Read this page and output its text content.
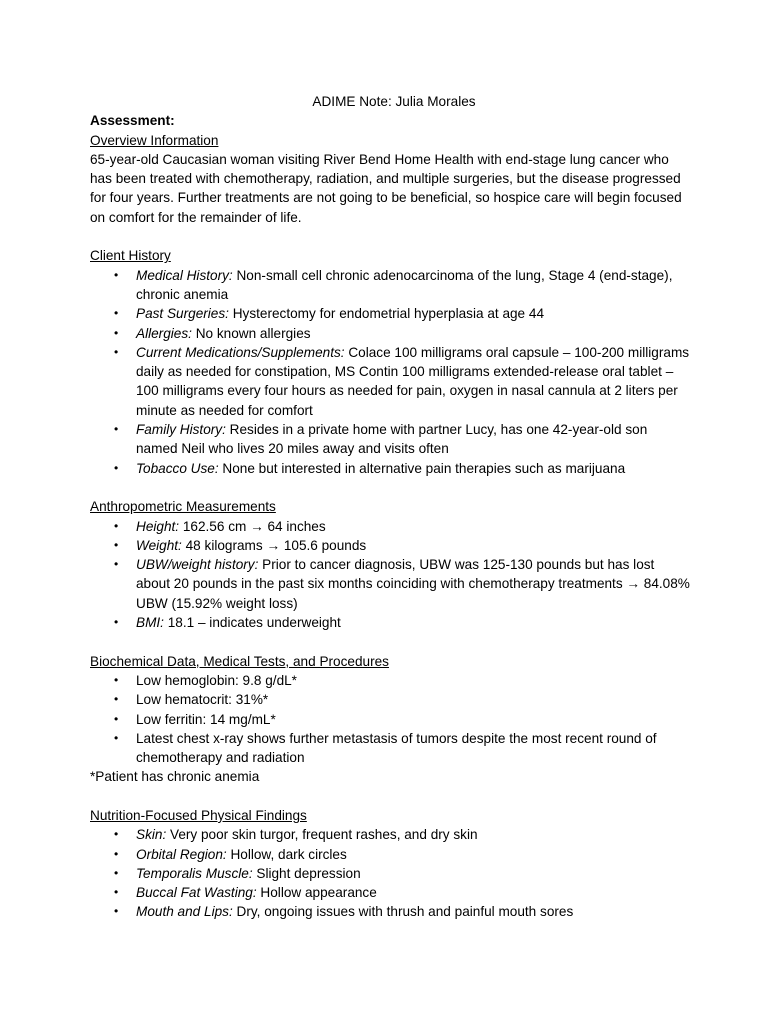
ADIME Note: Julia Morales

Assessment:

Overview Information

65-year-old Caucasian woman visiting River Bend Home Health with end-stage lung cancer who has been treated with chemotherapy, radiation, and multiple surgeries, but the disease progressed for four years. Further treatments are not going to be beneficial, so hospice care will begin focused on comfort for the remainder of life.

Client History

• Medical History: Non-small cell chronic adenocarcinoma of the lung, Stage 4 (end-stage), chronic anemia
• Past Surgeries: Hysterectomy for endometrial hyperplasia at age 44
• Allergies: No known allergies
• Current Medications/Supplements: Colace 100 milligrams oral capsule – 100-200 milligrams daily as needed for constipation, MS Contin 100 milligrams extended-release oral tablet – 100 milligrams every four hours as needed for pain, oxygen in nasal cannula at 2 liters per minute as needed for comfort
• Family History: Resides in a private home with partner Lucy, has one 42-year-old son named Neil who lives 20 miles away and visits often
• Tobacco Use: None but interested in alternative pain therapies such as marijuana

Anthropometric Measurements

• Height: 162.56 cm → 64 inches
• Weight: 48 kilograms → 105.6 pounds
• UBW/weight history: Prior to cancer diagnosis, UBW was 125-130 pounds but has lost about 20 pounds in the past six months coinciding with chemotherapy treatments → 84.08% UBW (15.92% weight loss)
• BMI: 18.1 – indicates underweight

Biochemical Data, Medical Tests, and Procedures

• Low hemoglobin: 9.8 g/dL*
• Low hematocrit: 31%*
• Low ferritin: 14 mg/mL*
• Latest chest x-ray shows further metastasis of tumors despite the most recent round of chemotherapy and radiation

*Patient has chronic anemia

Nutrition-Focused Physical Findings

• Skin: Very poor skin turgor, frequent rashes, and dry skin
• Orbital Region: Hollow, dark circles
• Temporalis Muscle: Slight depression
• Buccal Fat Wasting: Hollow appearance
• Mouth and Lips: Dry, ongoing issues with thrush and painful mouth sores
